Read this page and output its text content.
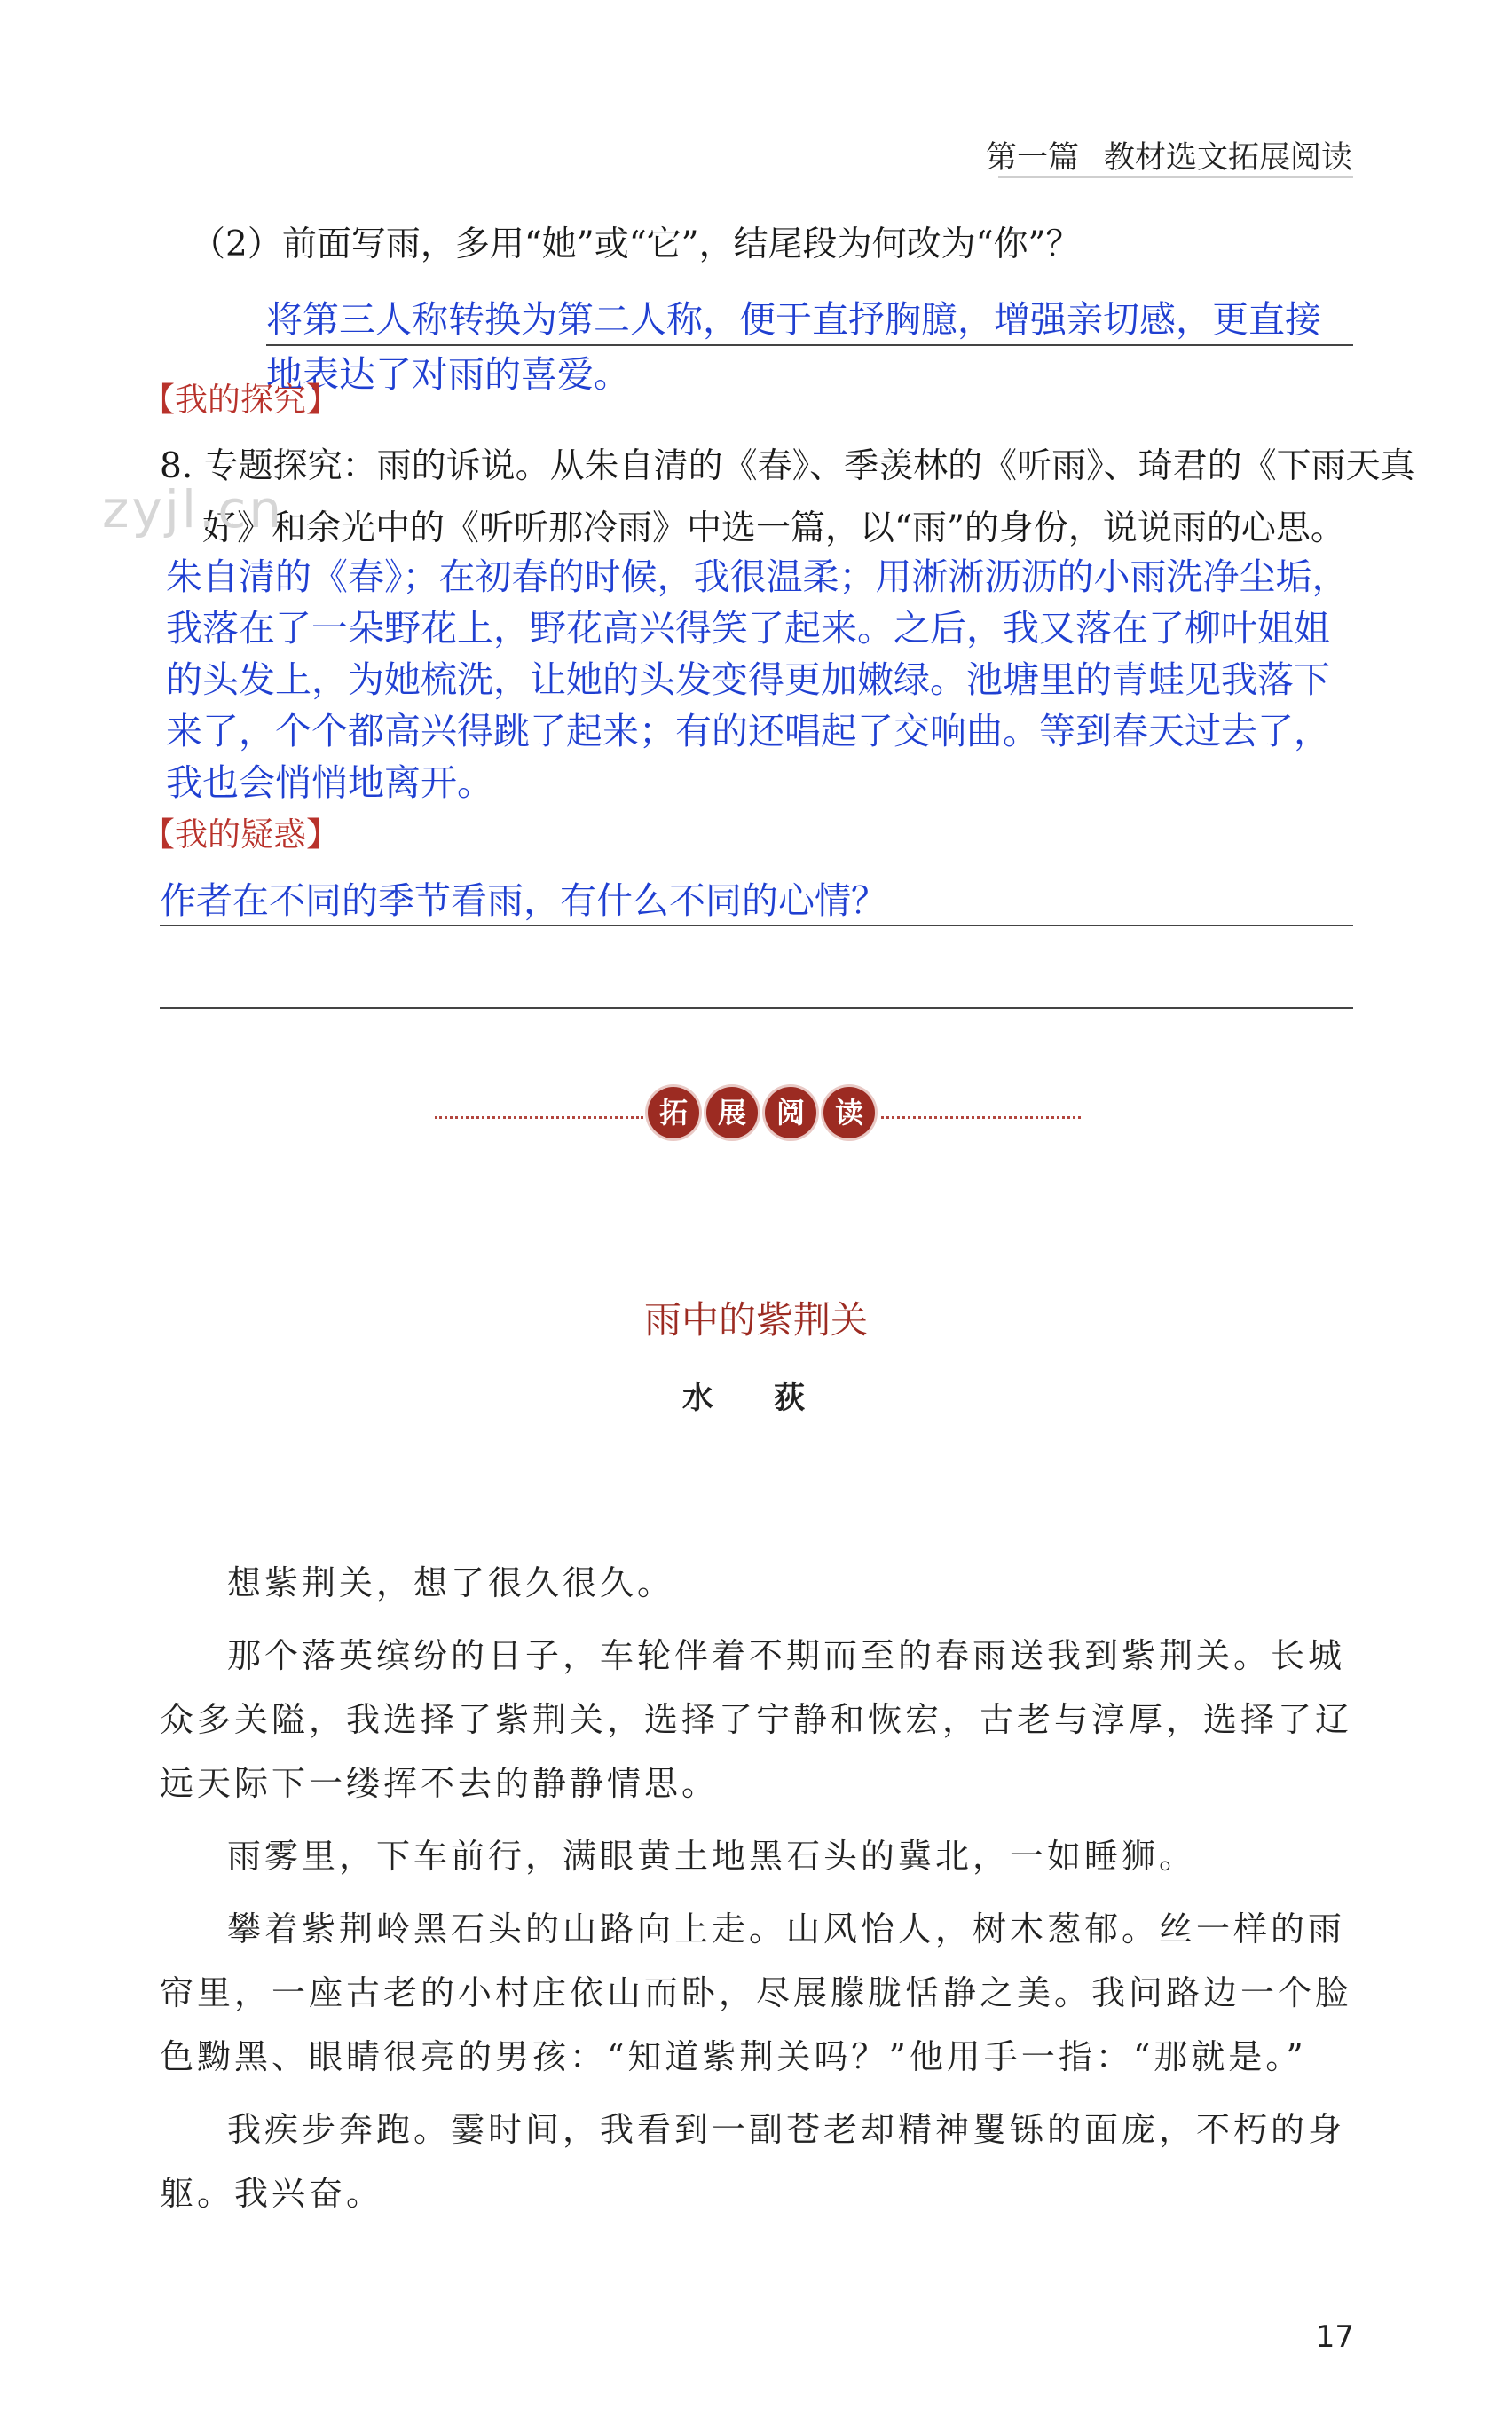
第一篇 教材选文拓展阅读
（2）前面写雨，多用“她”或“它”，结尾段为何改为“你”？
将第三人称转换为第二人称，便于直抒胸臆，增强亲切感，更直接
地表达了对雨的喜爱。
【我的探究】
8. 专题探究：雨的诉说。从朱自清的《春》、季羡林的《听雨》、琦君的《下雨天真
好》和余光中的《听听那冷雨》中选一篇，以“雨”的身份，说说雨的心思。
zyjl.cn
朱自清的《春》；在初春的时候，我很温柔；用淅淅沥沥的小雨洗净尘垢，
我落在了一朵野花上，野花高兴得笑了起来。之后，我又落在了柳叶姐姐
的头发上，为她梳洗，让她的头发变得更加嫩绿。池塘里的青蛙见我落下
来了，个个都高兴得跳了起来；有的还唱起了交响曲。等到春天过去了，
我也会悄悄地离开。
【我的疑惑】
作者在不同的季节看雨，有什么不同的心情？
拓	展	阅	读
雨中的紫荆关
水 荻

想紫荆关，想了很久很久。

那个落英缤纷的日子，车轮伴着不期而至的春雨送我到紫荆关。长城众多关隘，我选择了紫荆关，选择了宁静和恢宏，古老与淳厚，选择了辽远天际下一缕挥不去的静静情思。

雨雾里，下车前行，满眼黄土地黑石头的冀北，一如睡狮。

攀着紫荆岭黑石头的山路向上走。山风怡人，树木葱郁。丝一样的雨帘里，一座古老的小村庄依山而卧，尽展朦胧恬静之美。我问路边一个脸色黝黑、眼睛很亮的男孩：“知道紫荆关吗？”他用手一指：“那就是。”

我疾步奔跑。霎时间，我看到一副苍老却精神矍铄的面庞，不朽的身躯。我兴奋。

17
